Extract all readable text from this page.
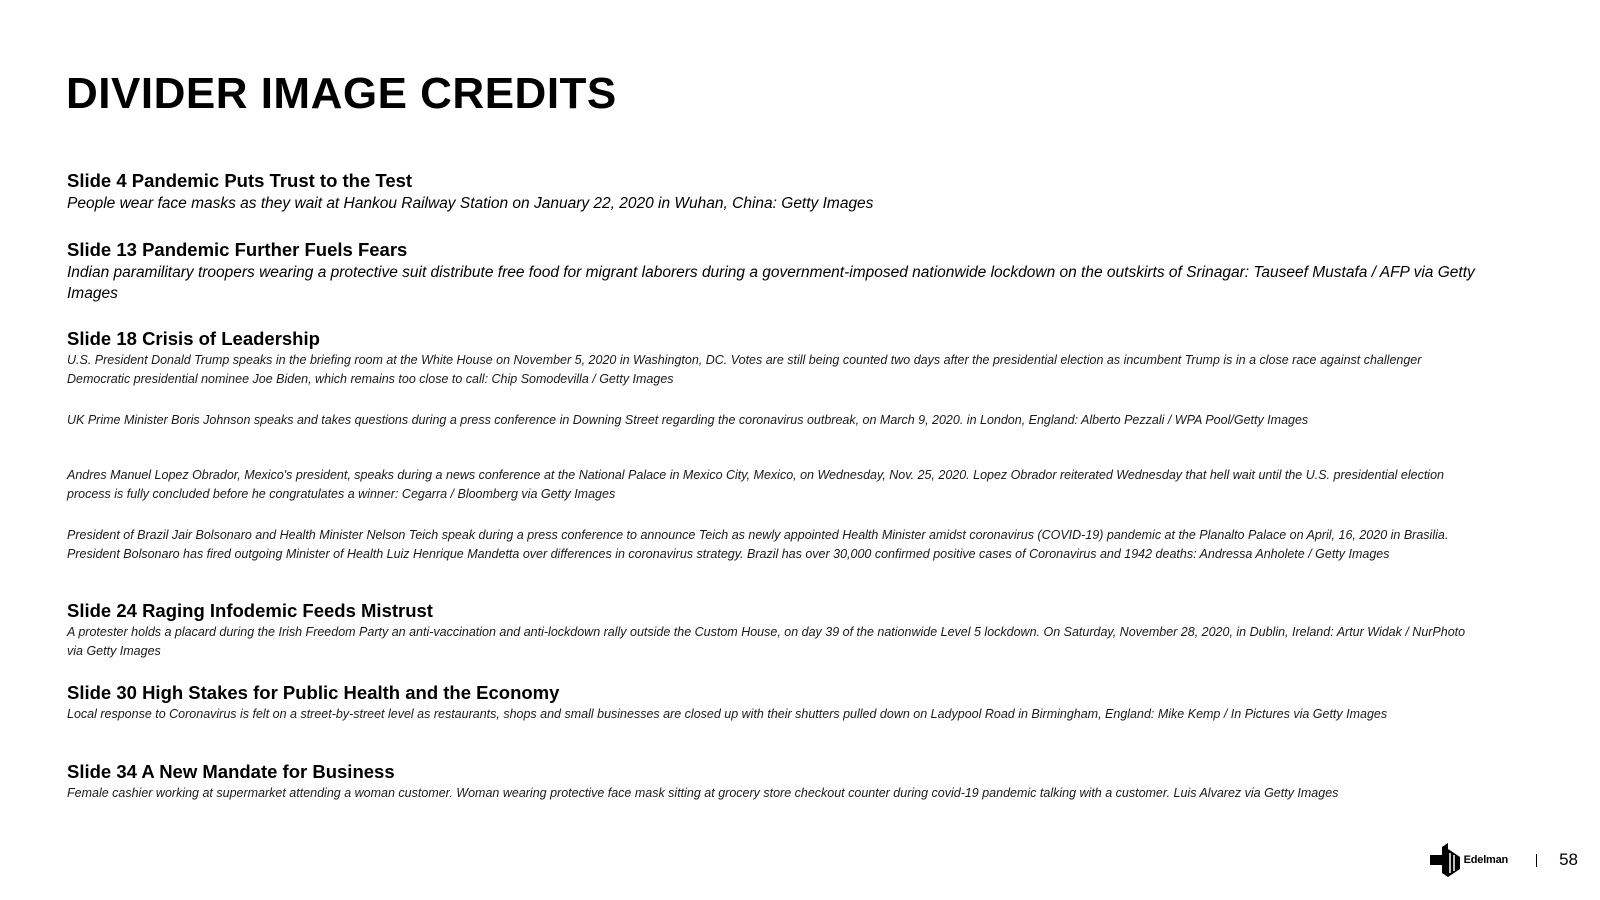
DIVIDER IMAGE CREDITS
Slide 4 Pandemic Puts Trust to the Test
People wear face masks as they wait at Hankou Railway Station on January 22, 2020 in Wuhan, China: Getty Images
Slide 13 Pandemic Further Fuels Fears
Indian paramilitary troopers wearing a protective suit distribute free food for migrant laborers during a government-imposed nationwide lockdown on the outskirts of Srinagar: Tauseef Mustafa / AFP via Getty Images
Slide 18 Crisis of Leadership
U.S. President Donald Trump speaks in the briefing room at the White House on November 5, 2020 in Washington, DC. Votes are still being counted two days after the presidential election as incumbent Trump is in a close race against challenger Democratic presidential nominee Joe Biden, which remains too close to call: Chip Somodevilla / Getty Images
UK Prime Minister Boris Johnson speaks and takes questions during a press conference in Downing Street regarding the coronavirus outbreak, on March 9, 2020. in London, England: Alberto Pezzali / WPA Pool/Getty Images
Andres Manuel Lopez Obrador, Mexico's president, speaks during a news conference at the National Palace in Mexico City, Mexico, on Wednesday, Nov. 25, 2020. Lopez Obrador reiterated Wednesday that hell wait until the U.S. presidential election process is fully concluded before he congratulates a winner: Cegarra / Bloomberg via Getty Images
President of Brazil Jair Bolsonaro and Health Minister Nelson Teich speak during a press conference to announce Teich as newly appointed Health Minister amidst coronavirus (COVID-19) pandemic at the Planalto Palace on April, 16, 2020 in Brasilia. President Bolsonaro has fired outgoing Minister of Health Luiz Henrique Mandetta over differences in coronavirus strategy. Brazil has over 30,000 confirmed positive cases of Coronavirus and 1942 deaths: Andressa Anholete / Getty Images
Slide 24 Raging Infodemic Feeds Mistrust
A protester holds a placard during the Irish Freedom Party an anti-vaccination and anti-lockdown rally outside the Custom House, on day 39 of the nationwide Level 5 lockdown. On Saturday, November 28, 2020, in Dublin, Ireland: Artur Widak / NurPhoto via Getty Images
Slide 30 High Stakes for Public Health and the Economy
Local response to Coronavirus is felt on a street-by-street level as restaurants, shops and small businesses are closed up with their shutters pulled down on Ladypool Road in Birmingham, England: Mike Kemp / In Pictures via Getty Images
Slide 34 A New Mandate for Business
Female cashier working at supermarket attending a woman customer. Woman wearing protective face mask sitting at grocery store checkout counter during covid-19 pandemic talking with a customer. Luis Alvarez via Getty Images
Edelman	58
